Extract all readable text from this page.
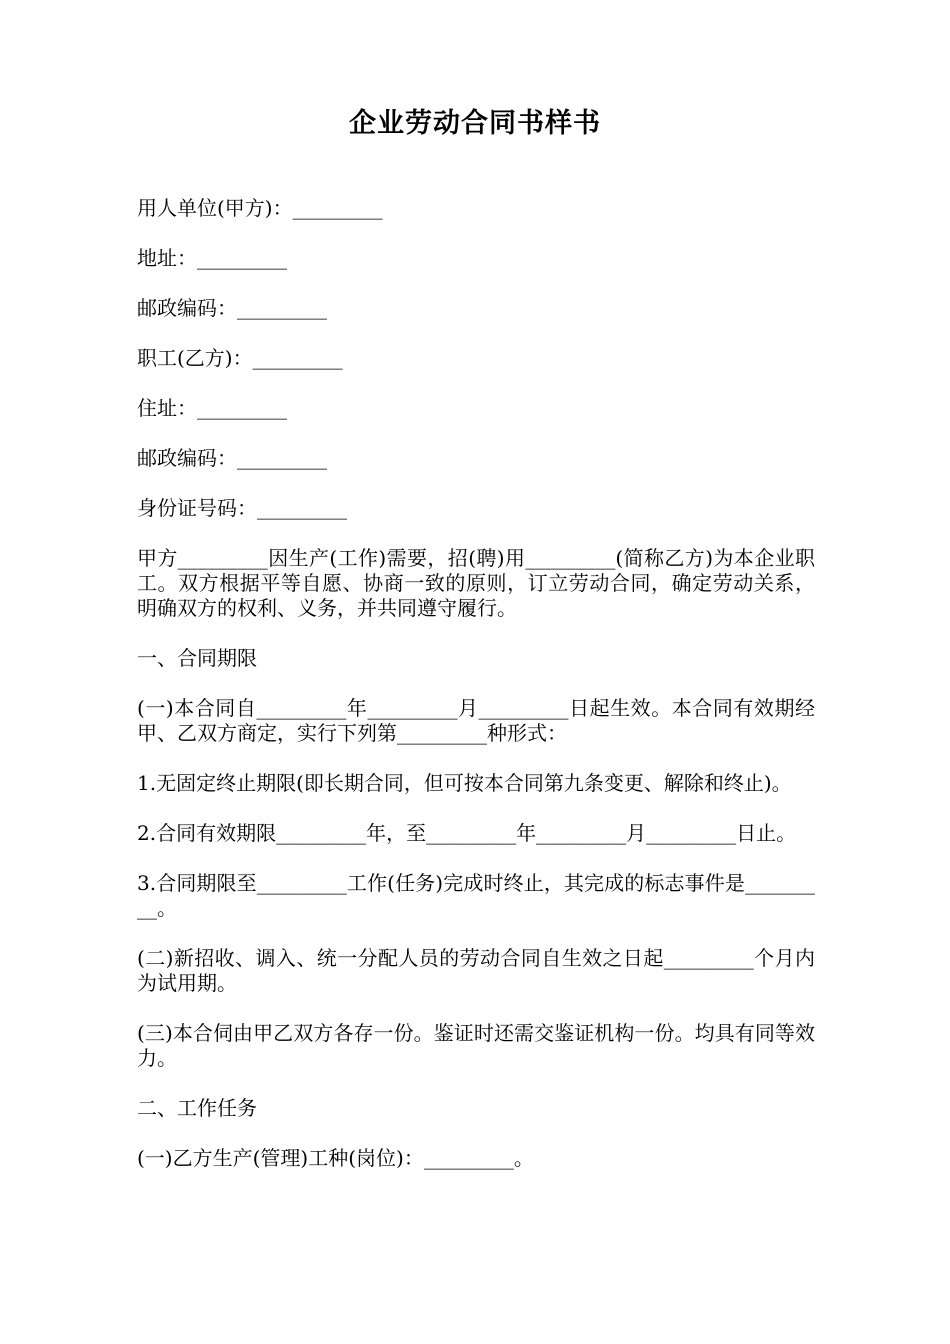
企业劳动合同书样书

用人单位(甲方)：_________

地址：_________

邮政编码：_________

职工(乙方)：_________

住址：_________

邮政编码：_________

身份证号码：_________

甲方_________因生产(工作)需要，招(聘)用_________(简称乙方)为本企业职工。双方根据平等自愿、协商一致的原则，订立劳动合同，确定劳动关系，明确双方的权利、义务，并共同遵守履行。

一、合同期限

(一)本合同自_________年_________月_________日起生效。本合同有效期经甲、乙双方商定，实行下列第_________种形式：

1.无固定终止期限(即长期合同，但可按本合同第九条变更、解除和终止)。

2.合同有效期限_________年，至_________年_________月_________日止。

3.合同期限至_________工作(任务)完成时终止，其完成的标志事件是_________。

(二)新招收、调入、统一分配人员的劳动合同自生效之日起_________个月内为试用期。

(三)本合伺由甲乙双方各存一份。鉴证时还需交鉴证机构一份。均具有同等效力。

二、工作任务

(一)乙方生产(管理)工种(岗位)：_________。
